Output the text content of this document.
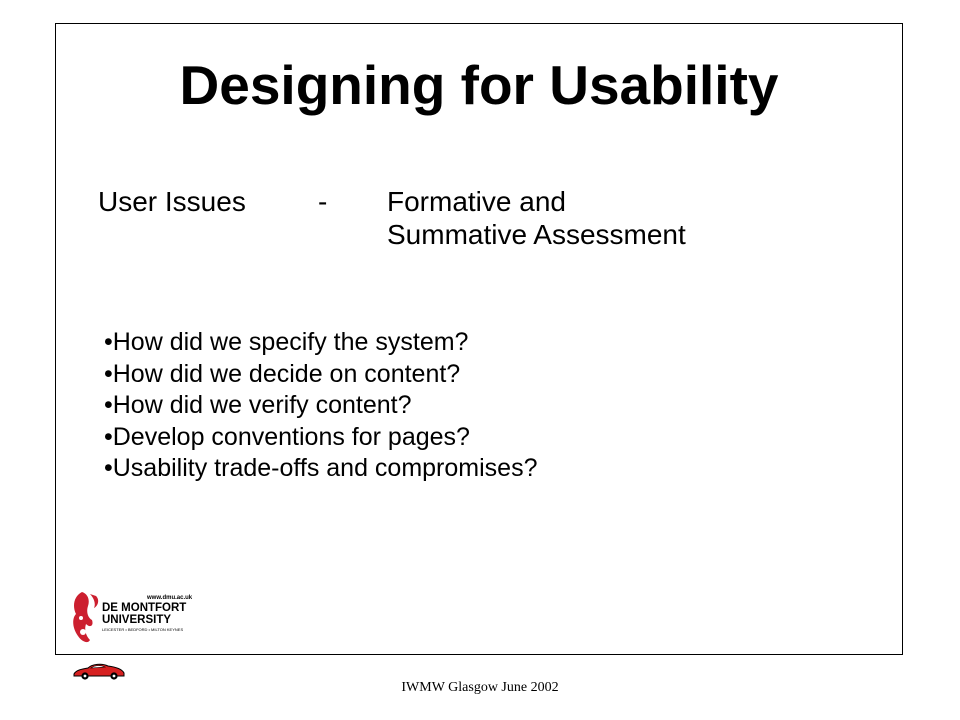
Designing for Usability
User Issues	- Formative and
Summative Assessment
•How did we specify the system?
•How did we decide on content?
•How did we verify content?
•Develop conventions for pages?
•Usability trade-offs and compromises?
www.dmu.ac.uk
DE MONTFORT
UNIVERSITY
LEICESTER • BEDFORD • MILTON KEYNES
IWMW Glasgow June 2002
